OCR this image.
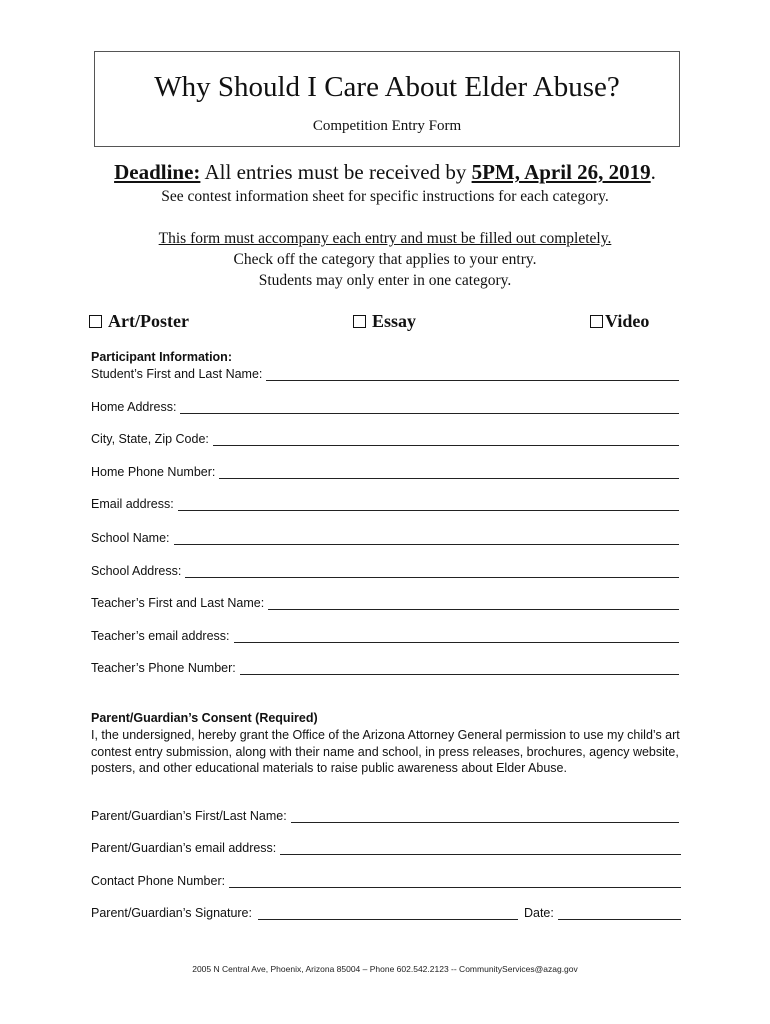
Why Should I Care About Elder Abuse?
Competition Entry Form
Deadline: All entries must be received by 5PM, April 26, 2019.
See contest information sheet for specific instructions for each category.
This form must accompany each entry and must be filled out completely.
Check off the category that applies to your entry.
Students may only enter in one category.
Art/Poster	Essay	Video
Participant Information:
Student’s First and Last Name:
Home Address:
City, State, Zip Code:
Home Phone Number:
Email address:
School Name:
School Address:
Teacher’s First and Last Name:
Teacher’s email address:
Teacher’s Phone Number:
Parent/Guardian’s Consent (Required)
I, the undersigned, hereby grant the Office of the Arizona Attorney General permission to use my child’s art contest entry submission, along with their name and school, in press releases, brochures, agency website, posters, and other educational materials to raise public awareness about Elder Abuse.
Parent/Guardian’s First/Last Name:
Parent/Guardian’s email address:
Contact Phone Number:
Parent/Guardian’s Signature:	Date:
2005 N Central Ave, Phoenix, Arizona 85004 – Phone 602.542.2123 -- CommunityServices@azag.gov
